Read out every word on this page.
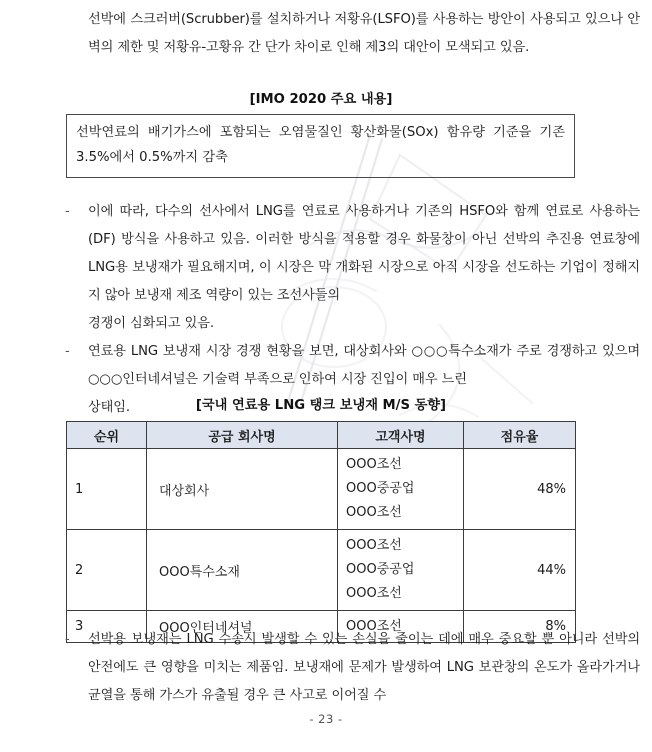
선박에 스크러버(Scrubber)를 설치하거나 저황유(LSFO)를 사용하는 방안이 사용되고 있으나 안벽의 제한 및 저황유-고황유 간 단가 차이로 인해 제3의 대안이 모색되고 있음.
[IMO 2020 주요 내용]
선박연료의 배기가스에 포함되는 오염물질인 황산화물(SOx) 함유량 기준을 기존 3.5%에서 0.5%까지 감축
-	이에 따라, 다수의 선사에서 LNG를 연료로 사용하거나 기존의 HSFO와 함께 연료로 사용하는(DF) 방식을 사용하고 있음. 이러한 방식을 적용할 경우 화물창이 아닌 선박의 추진용 연료창에 LNG용 보냉재가 필요해지며, 이 시장은 막 개화된 시장으로 아직 시장을 선도하는 기업이 정해지지 않아 보냉재 제조 역량이 있는 조선사들의
경쟁이 심화되고 있음.
-	연료용 LNG 보냉재 시장 경쟁 현황을 보면, 대상회사와 ○○○특수소재가 주로 경쟁하고 있으며 ○○○인터네셔널은 기술력 부족으로 인하여 시장 진입이 매우 느린
상태임.	[국내 연료용 LNG 탱크 보냉재 M/S 동향]
순위	공급 회사명	고객사명	점유율
1	대상회사	OOO조선
OOO중공업
OOO조선	48%
2	OOO특수소재	OOO조선
OOO중공업
OOO조선	44%
3	OOO인터네셔널	OOO조선	8%
-	선박용 보냉재는 LNG 수송시 발생할 수 있는 손실을 줄이는 데에 매우 중요할 뿐 아니라 선박의 안전에도 큰 영향을 미치는 제품임. 보냉재에 문제가 발생하여 LNG 보관창의 온도가 올라가거나 균열을 통해 가스가 유출될 경우 큰 사고로 이어질 수
- 23 -
